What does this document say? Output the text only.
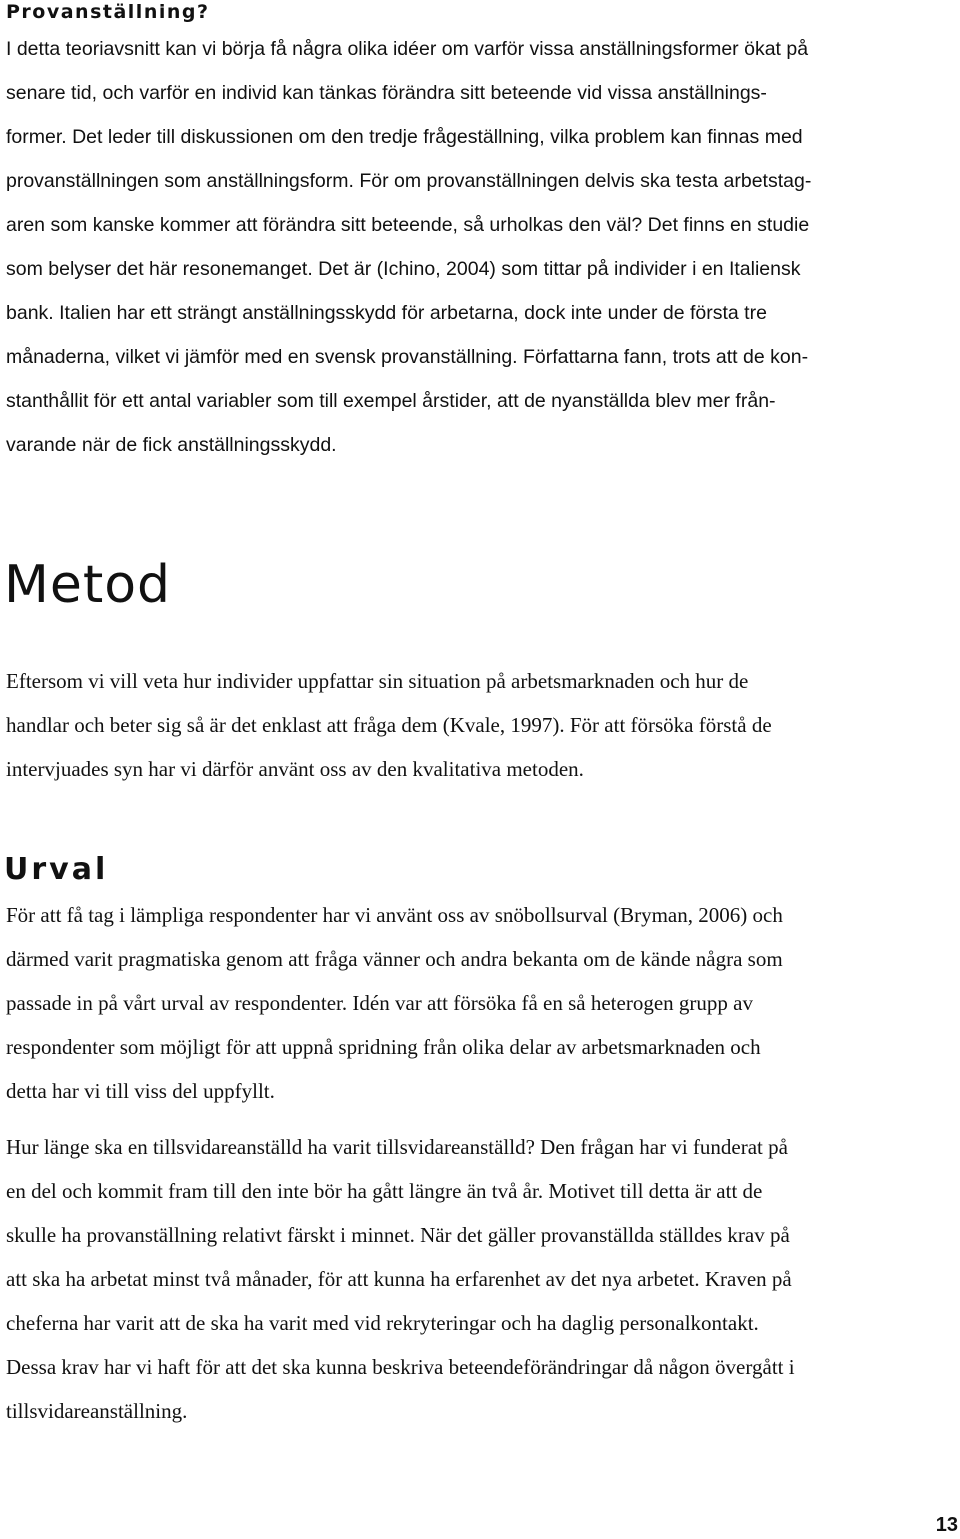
Provanställning?
I detta teoriavsnitt kan vi börja få några olika idéer om varför vissa anställningsformer ökat på
senare tid, och varför en individ kan tänkas förändra sitt beteende vid vissa anställnings-
former. Det leder till diskussionen om den tredje frågeställning, vilka problem kan finnas med
provanställningen som anställningsform. För om provanställningen delvis ska testa arbetstag-
aren som kanske kommer att förändra sitt beteende, så urholkas den väl? Det finns en studie
som belyser det här resonemanget. Det är (Ichino, 2004) som tittar på individer i en Italiensk
bank. Italien har ett strängt anställningsskydd för arbetarna, dock inte under de första tre
månaderna, vilket vi jämför med en svensk provanställning. Författarna fann, trots att de kon-
stanthållit för ett antal variabler som till exempel årstider, att de nyanställda blev mer från-
varande när de fick anställningsskydd.
Metod
Eftersom vi vill veta hur individer uppfattar sin situation på arbetsmarknaden och hur de
handlar och beter sig så är det enklast att fråga dem (Kvale, 1997). För att försöka förstå de
intervjuades syn har vi därför använt oss av den kvalitativa metoden.
Urval
För att få tag i lämpliga respondenter har vi använt oss av snöbollsurval (Bryman, 2006) och
därmed varit pragmatiska genom att fråga vänner och andra bekanta om de kände några som
passade in på vårt urval av respondenter. Idén var att försöka få en så heterogen grupp av
respondenter som möjligt för att uppnå spridning från olika delar av arbetsmarknaden och
detta har vi till viss del uppfyllt.
Hur länge ska en tillsvidareanställd ha varit tillsvidareanställd? Den frågan har vi funderat på
en del och kommit fram till den inte bör ha gått längre än två år. Motivet till detta är att de
skulle ha provanställning relativt färskt i minnet. När det gäller provanställda ställdes krav på
att ska ha arbetat minst två månader, för att kunna ha erfarenhet av det nya arbetet. Kraven på
cheferna har varit att de ska ha varit med vid rekryteringar och ha daglig personalkontakt.
Dessa krav har vi haft för att det ska kunna beskriva beteendeförändringar då någon övergått i
tillsvidareanställning.
13
